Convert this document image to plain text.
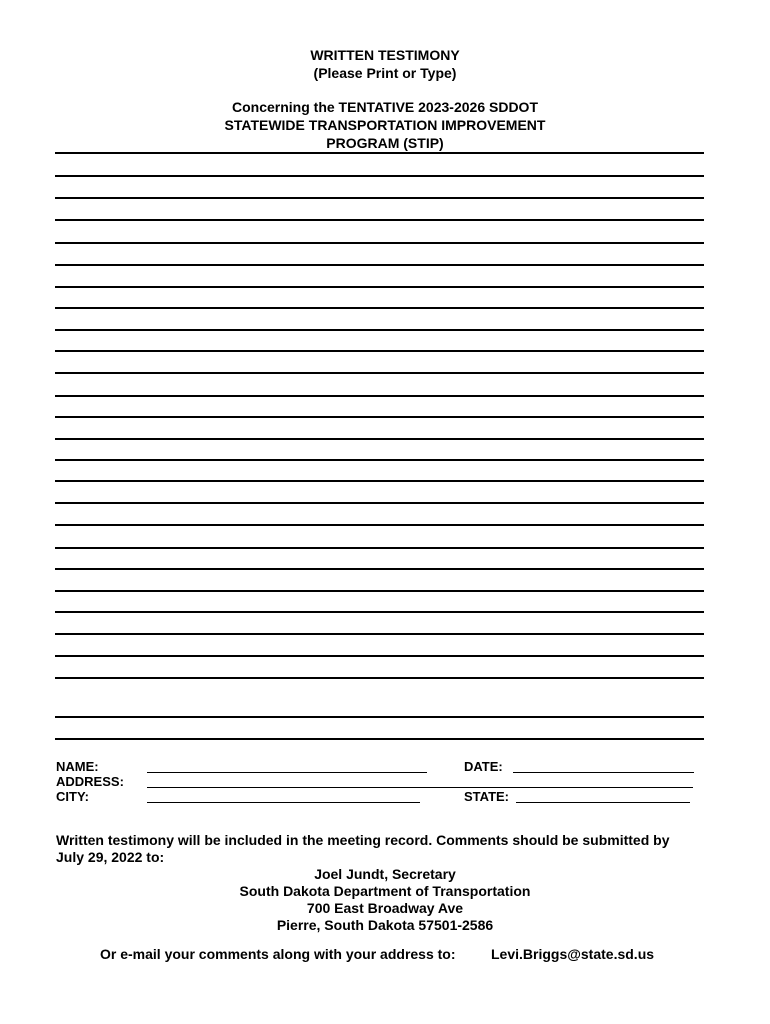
WRITTEN TESTIMONY
(Please Print or Type)
Concerning the TENTATIVE 2023-2026 SDDOT
STATEWIDE TRANSPORTATION IMPROVEMENT
PROGRAM (STIP)
NAME:	DATE:
ADDRESS:
CITY:	STATE:
Written testimony will be included in the meeting record. Comments should be submitted by
July 29, 2022 to:
Joel Jundt, Secretary
South Dakota Department of Transportation
700 East Broadway Ave
Pierre, South Dakota 57501-2586
Or e-mail your comments along with your address to:	Levi.Briggs@state.sd.us
